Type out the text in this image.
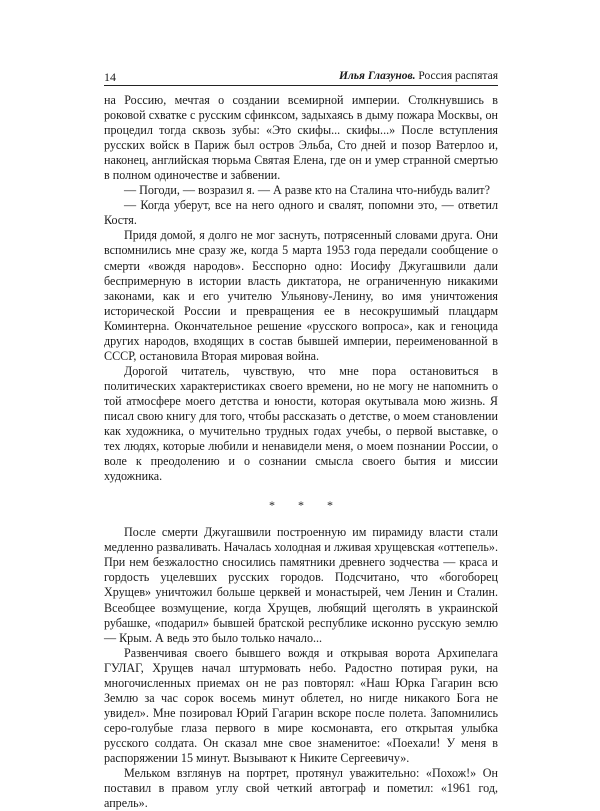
14	Илья Глазунов. Россия распятая

на Россию, мечтая о создании всемирной империи. Столкнувшись в роковой схватке с русским сфинксом, задыхаясь в дыму пожара Москвы, он процедил тогда сквозь зубы: «Это скифы... скифы...» После вступления русских войск в Париж был остров Эльба, Сто дней и позор Ватерлоо и, наконец, английская тюрьма Святая Елена, где он и умер странной смертью в полном одиночестве и забвении.

— Погоди, — возразил я. — А разве кто на Сталина что-нибудь валит?

— Когда уберут, все на него одного и свалят, попомни это, — ответил Костя.

Придя домой, я долго не мог заснуть, потрясенный словами друга. Они вспомнились мне сразу же, когда 5 марта 1953 года передали сообщение о смерти «вождя народов». Бесспорно одно: Иосифу Джугашвили дали беспримерную в истории власть диктатора, не ограниченную никакими законами, как и его учителю Ульянову-Ленину, во имя уничтожения исторической России и превращения ее в несокрушимый плацдарм Коминтерна. Окончательное решение «русского вопроса», как и геноцида других народов, входящих в состав бывшей империи, переименованной в СССР, остановила Вторая мировая война.

Дорогой читатель, чувствую, что мне пора остановиться в политических характеристиках своего времени, но не могу не напомнить о той атмосфере моего детства и юности, которая окутывала мою жизнь. Я писал свою книгу для того, чтобы рассказать о детстве, о моем становлении как художника, о мучительно трудных годах учебы, о первой выставке, о тех людях, которые любили и ненавидели меня, о моем познании России, о воле к преодолению и о сознании смысла своего бытия и миссии художника.

* * *

После смерти Джугашвили построенную им пирамиду власти стали медленно разваливать. Началась холодная и лживая хрущевская «оттепель». При нем безжалостно сносились памятники древнего зодчества — краса и гордость уцелевших русских городов. Подсчитано, что «богоборец Хрущев» уничтожил больше церквей и монастырей, чем Ленин и Сталин. Всеобщее возмущение, когда Хрущев, любящий щеголять в украинской рубашке, «подарил» бывшей братской республике исконно русскую землю — Крым. А ведь это было только начало...

Развенчивая своего бывшего вождя и открывая ворота Архипелага ГУЛАГ, Хрущев начал штурмовать небо. Радостно потирая руки, на многочисленных приемах он не раз повторял: «Наш Юрка Гагарин всю Землю за час сорок восемь минут облетел, но нигде никакого Бога не увидел». Мне позировал Юрий Гагарин вскоре после полета. Запомнились серо-голубые глаза первого в мире космонавта, его открытая улыбка русского солдата. Он сказал мне свое знаменитое: «Поехали! У меня в распоряжении 15 минут. Вызывают к Никите Сергеевичу».

Мельком взглянув на портрет, протянул уважительно: «Похож!» Он поставил в правом углу свой четкий автограф и пометил: «1961 год, апрель».
